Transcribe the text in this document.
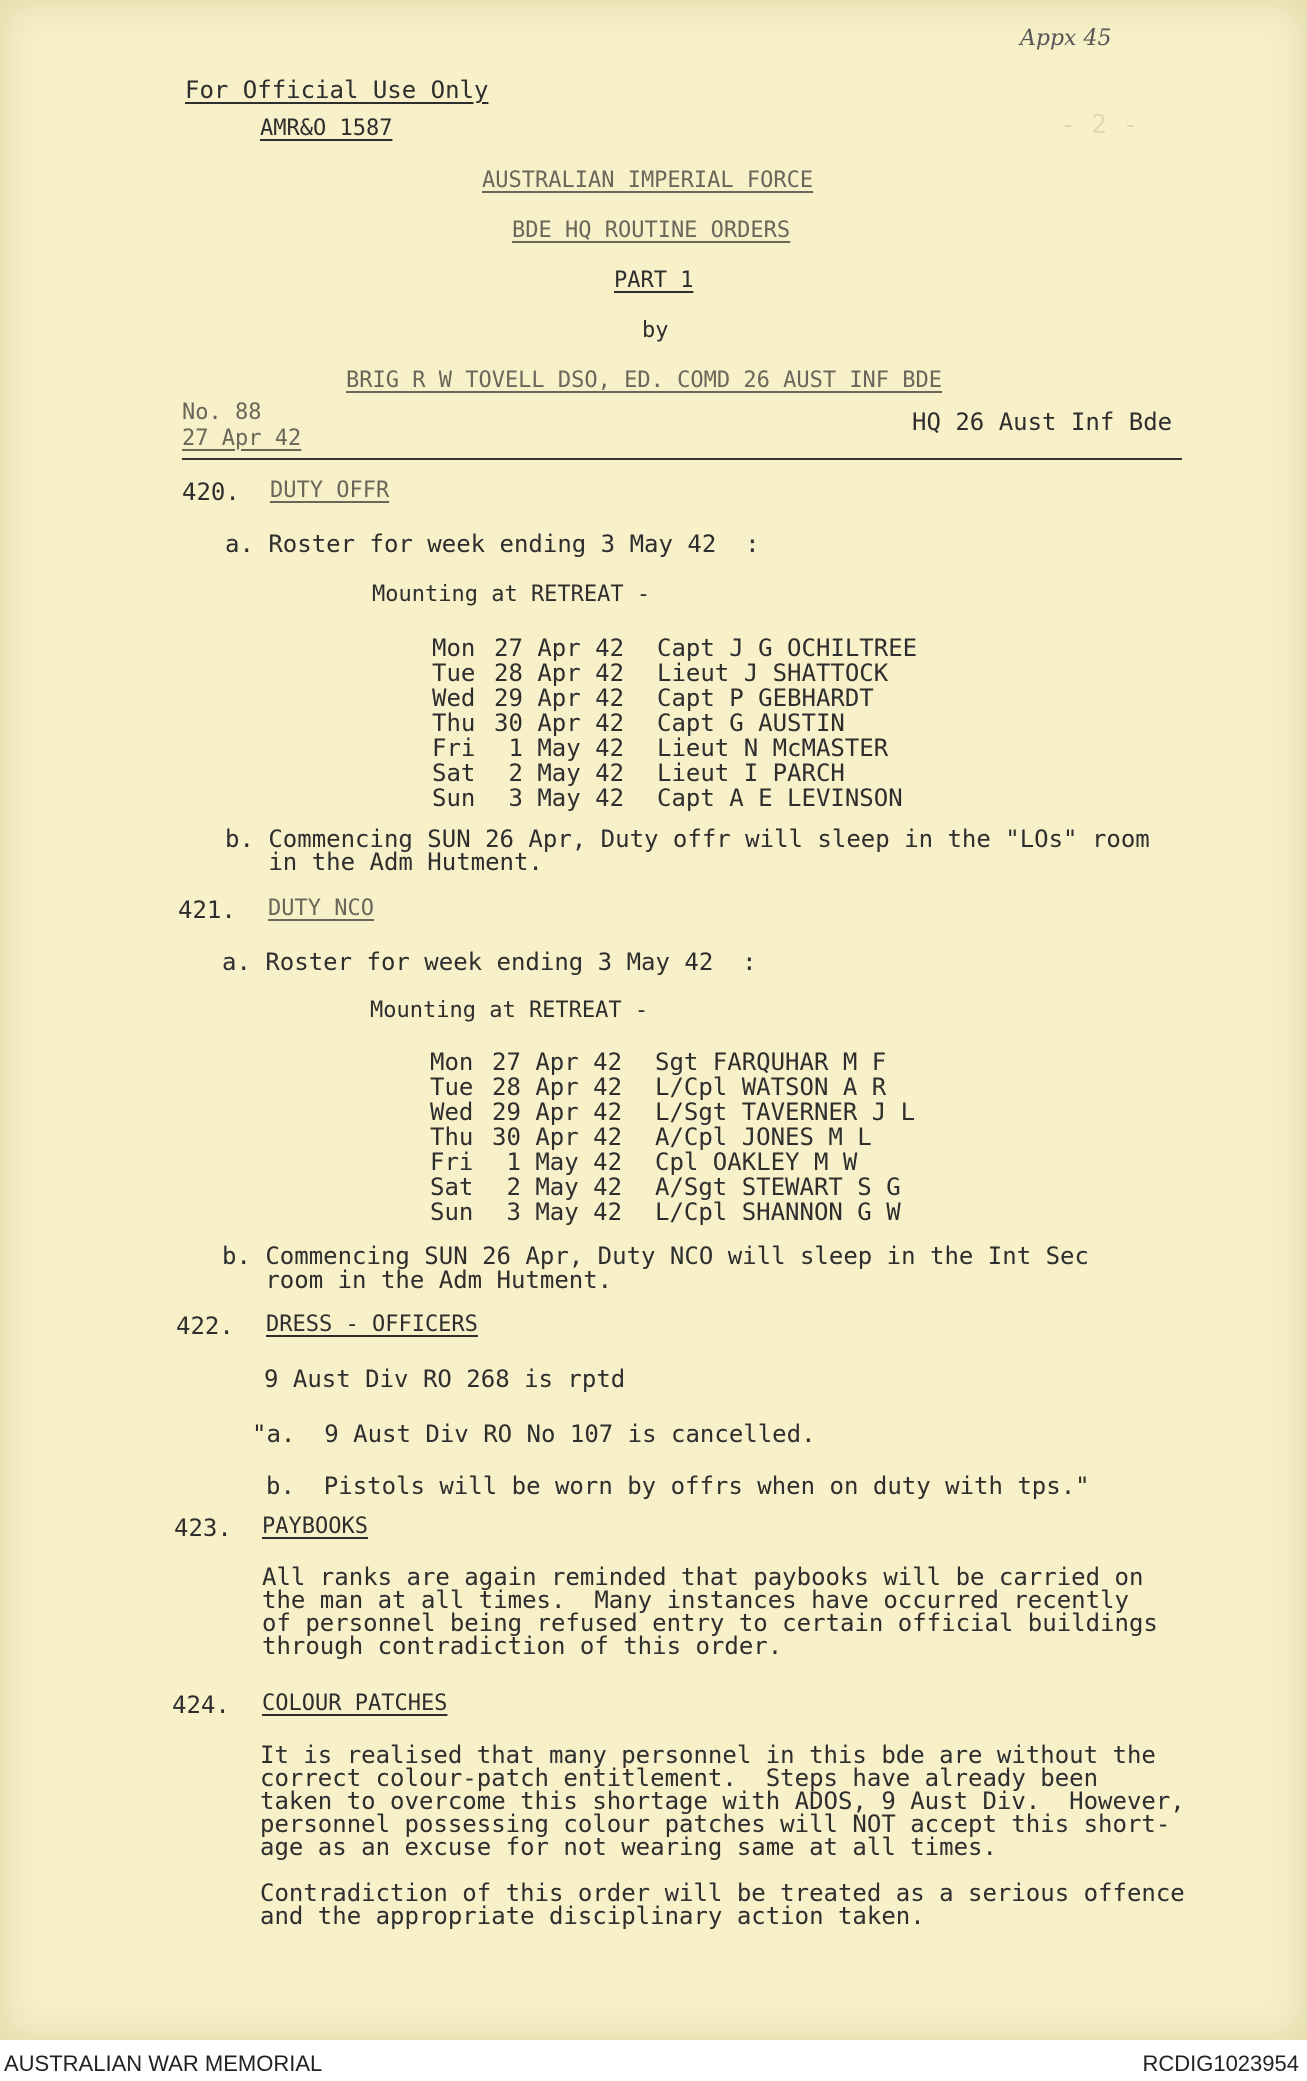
- 2 -
Appx 45
For Official Use Only
AMR&O 1587
AUSTRALIAN IMPERIAL FORCE
BDE HQ ROUTINE ORDERS
PART 1
by
BRIG R W TOVELL DSO, ED. COMD 26 AUST INF BDE
No. 88
27 Apr 42
HQ 26 Aust Inf Bde
420. DUTY OFFR
a. Roster for week ending 3 May 42  :
Mounting at RETREAT -
Mon 27 Apr 42 Capt J G OCHILTREE
Tue 28 Apr 42 Lieut J SHATTOCK
Wed 29 Apr 42 Capt P GEBHARDT
Thu 30 Apr 42 Capt G AUSTIN
Fri 1 May 42 Lieut N McMASTER
Sat 2 May 42 Lieut I PARCH
Sun 3 May 42 Capt A E LEVINSON
b. Commencing SUN 26 Apr, Duty offr will sleep in the "LOs" room
in the Adm Hutment.
421. DUTY NCO
a. Roster for week ending 3 May 42  :
Mounting at RETREAT -
Mon 27 Apr 42 Sgt FARQUHAR M F
Tue 28 Apr 42 L/Cpl WATSON A R
Wed 29 Apr 42 L/Sgt TAVERNER J L
Thu 30 Apr 42 A/Cpl JONES M L
Fri 1 May 42 Cpl OAKLEY M W
Sat 2 May 42 A/Sgt STEWART S G
Sun 3 May 42 L/Cpl SHANNON G W
b. Commencing SUN 26 Apr, Duty NCO will sleep in the Int Sec
room in the Adm Hutment.
422. DRESS - OFFICERS
9 Aust Div RO 268 is rptd
"a.  9 Aust Div RO No 107 is cancelled.
b.  Pistols will be worn by offrs when on duty with tps."
423. PAYBOOKS
All ranks are again reminded that paybooks will be carried on
the man at all times.  Many instances have occurred recently
of personnel being refused entry to certain official buildings
through contradiction of this order.
424. COLOUR PATCHES
It is realised that many personnel in this bde are without the
correct colour-patch entitlement.  Steps have already been
taken to overcome this shortage with ADOS, 9 Aust Div.  However,
personnel possessing colour patches will NOT accept this short-
age as an excuse for not wearing same at all times.
Contradiction of this order will be treated as a serious offence
and the appropriate disciplinary action taken.
AUSTRALIAN WAR MEMORIAL	RCDIG1023954
